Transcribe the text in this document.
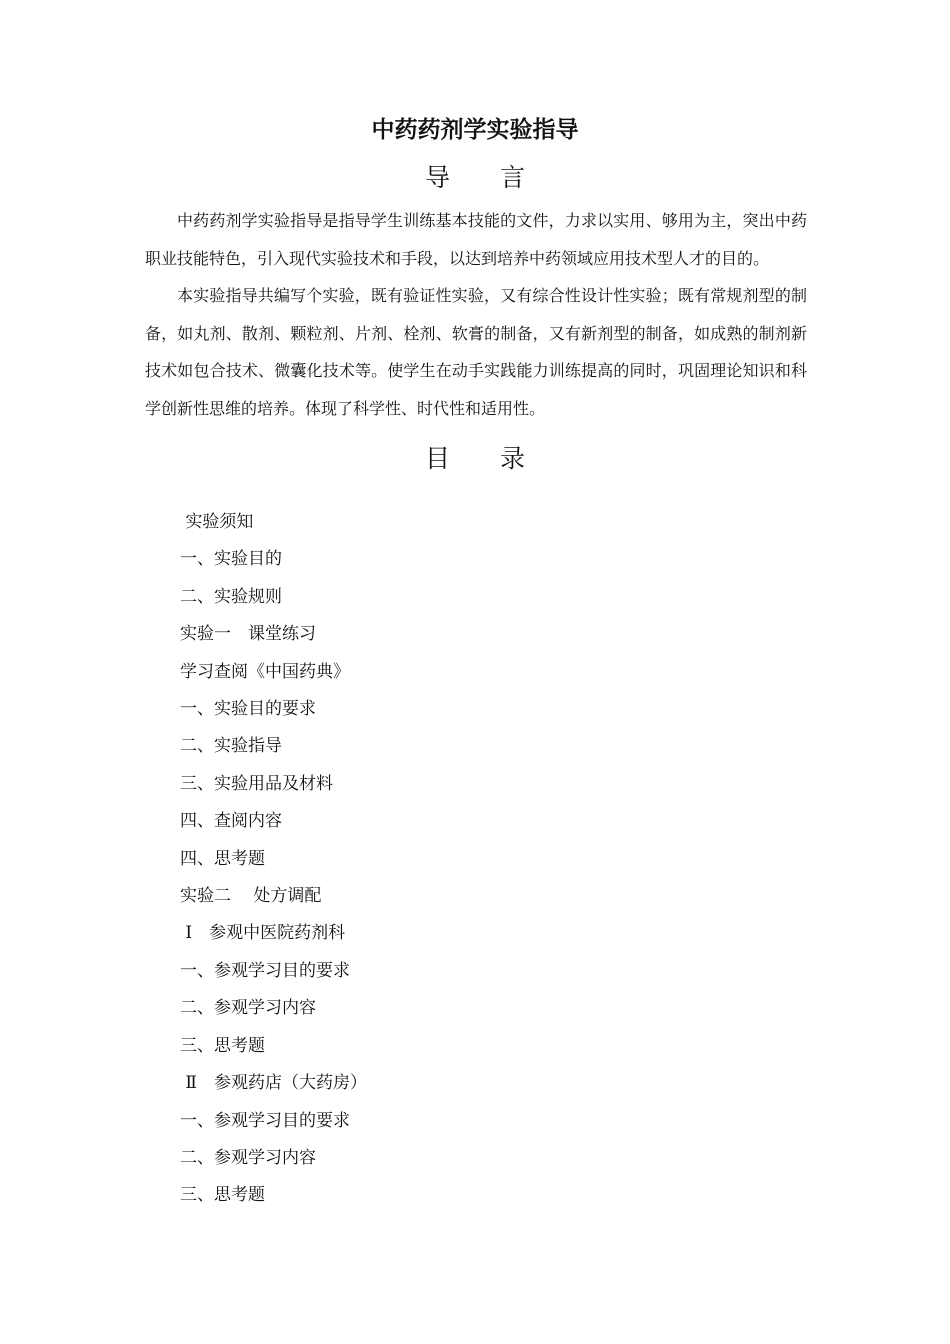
中药药剂学实验指导
导　　言

中药药剂学实验指导是指导学生训练基本技能的文件，力求以实用、够用为主，突出中药职业技能特色，引入现代实验技术和手段，以达到培养中药领域应用技术型人才的目的。

本实验指导共编写个实验，既有验证性实验，又有综合性设计性实验；既有常规剂型的制备，如丸剂、散剂、颗粒剂、片剂、栓剂、软膏的制备，又有新剂型的制备，如成熟的制剂新技术如包合技术、微囊化技术等。使学生在动手实践能力训练提高的同时，巩固理论知识和科学创新性思维的培养。体现了科学性、时代性和适用性。

目　　录
实验须知
一、实验目的
二、实验规则
实验一　课堂练习
学习查阅《中国药典》
一、实验目的要求
二、实验指导
三、实验用品及材料
四、查阅内容
四、思考题
实验二　 处方调配
Ⅰ　参观中医院药剂科
一、参观学习目的要求
二、参观学习内容
三、思考题
Ⅱ　参观药店（大药房）
一、参观学习目的要求
二、参观学习内容
三、思考题
